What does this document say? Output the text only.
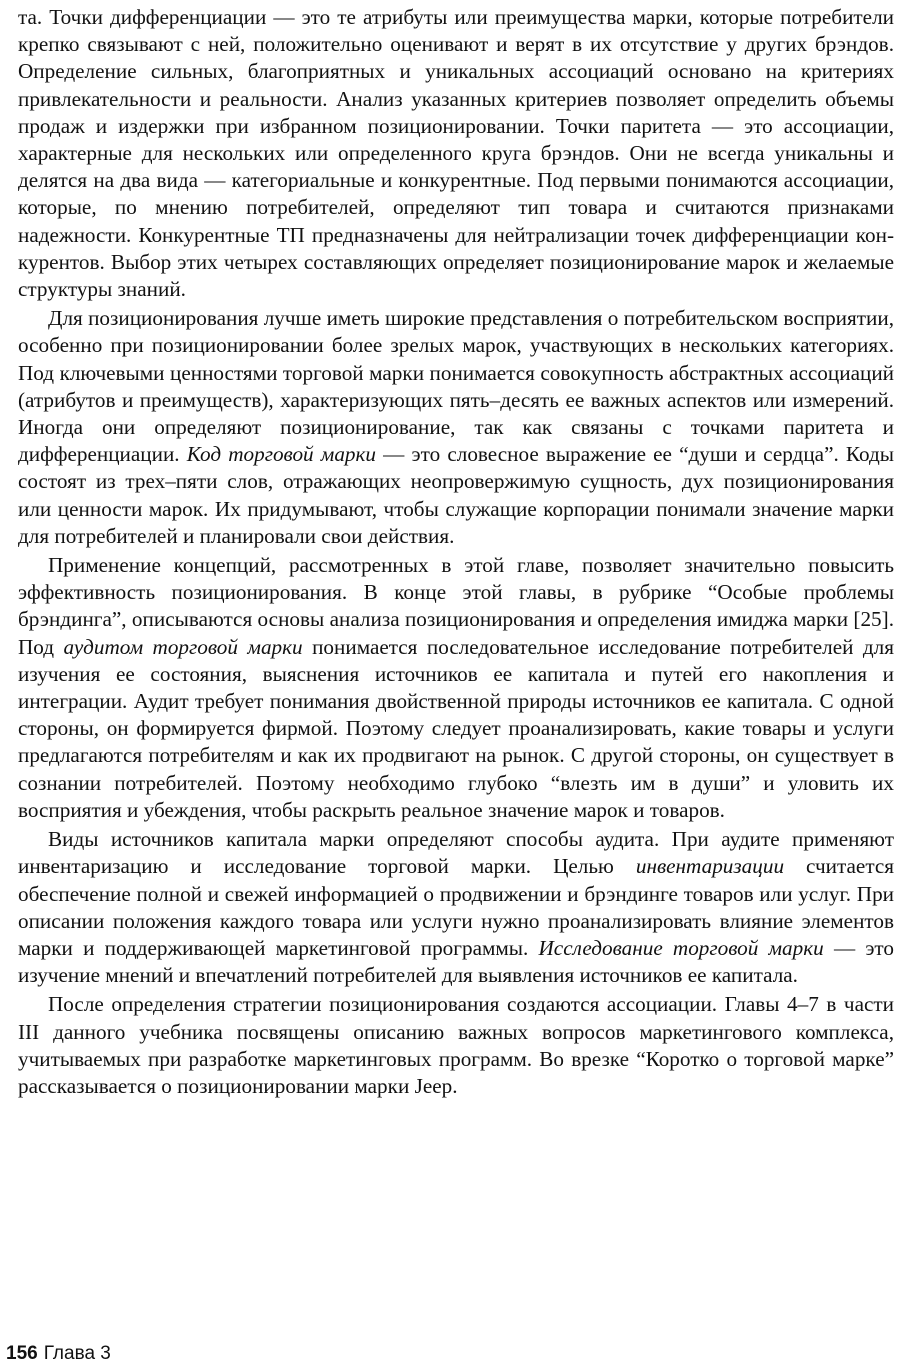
та. Точки дифференциации — это те атрибуты или преимущества марки, которые потребители крепко связывают с ней, положительно оценивают и верят в их отсутствие у других брэндов. Определение сильных, благоприятных и уникальных ассоциаций основано на критериях привлекательности и реальности. Анализ указанных критериев позволяет определить объемы продаж и издержки при избранном позиционировании. Точки паритета — это ассоциации, характерные для нескольких или определенного круга брэндов. Они не всегда уникальны и делятся на два вида — категориальные и конкурентные. Под первыми понимаются ассоциации, которые, по мнению потребителей, определяют тип товара и считаются признаками надежности. Конкурентные ТП предназначены для нейтрализации точек дифференциации конкурентов. Выбор этих четырех составляющих определяет позиционирование марок и желаемые структуры знаний.

Для позиционирования лучше иметь широкие представления о потребительском восприятии, особенно при позиционировании более зрелых марок, участвующих в нескольких категориях. Под ключевыми ценностями торговой марки понимается совокупность абстрактных ассоциаций (атрибутов и преимуществ), характеризующих пять–десять ее важных аспектов или измерений. Иногда они определяют позиционирование, так как связаны с точками паритета и дифференциации. Код торговой марки — это словесное выражение ее “души и сердца”. Коды состоят из трех–пяти слов, отражающих неопровержимую сущность, дух позиционирования или ценности марок. Их придумывают, чтобы служащие корпорации понимали значение марки для потребителей и планировали свои действия.

Применение концепций, рассмотренных в этой главе, позволяет значительно повысить эффективность позиционирования. В конце этой главы, в рубрике “Особые проблемы брэндинга”, описываются основы анализа позиционирования и определения имиджа марки [25]. Под аудитом торговой марки понимается последовательное исследование потребителей для изучения ее состояния, выяснения источников ее капитала и путей его накопления и интеграции. Аудит требует понимания двойственной природы источников ее капитала. С одной стороны, он формируется фирмой. Поэтому следует проанализировать, какие товары и услуги предлагаются потребителям и как их продвигают на рынок. С другой стороны, он существует в сознании потребителей. Поэтому необходимо глубоко “влезть им в души” и уловить их восприятия и убеждения, чтобы раскрыть реальное значение марок и товаров.

Виды источников капитала марки определяют способы аудита. При аудите применяют инвентаризацию и исследование торговой марки. Целью инвентаризации считается обеспечение полной и свежей информацией о продвижении и брэндинге товаров или услуг. При описании положения каждого товара или услуги нужно проанализировать влияние элементов марки и поддерживающей маркетинговой программы. Исследование торговой марки — это изучение мнений и впечатлений потребителей для выявления источников ее капитала.

После определения стратегии позиционирования создаются ассоциации. Главы 4–7 в части III данного учебника посвящены описанию важных вопросов маркетингового комплекса, учитываемых при разработке маркетинговых программ. Во врезке “Коротко о торговой марке” рассказывается о позиционировании марки Jeep.

156 Глава 3
